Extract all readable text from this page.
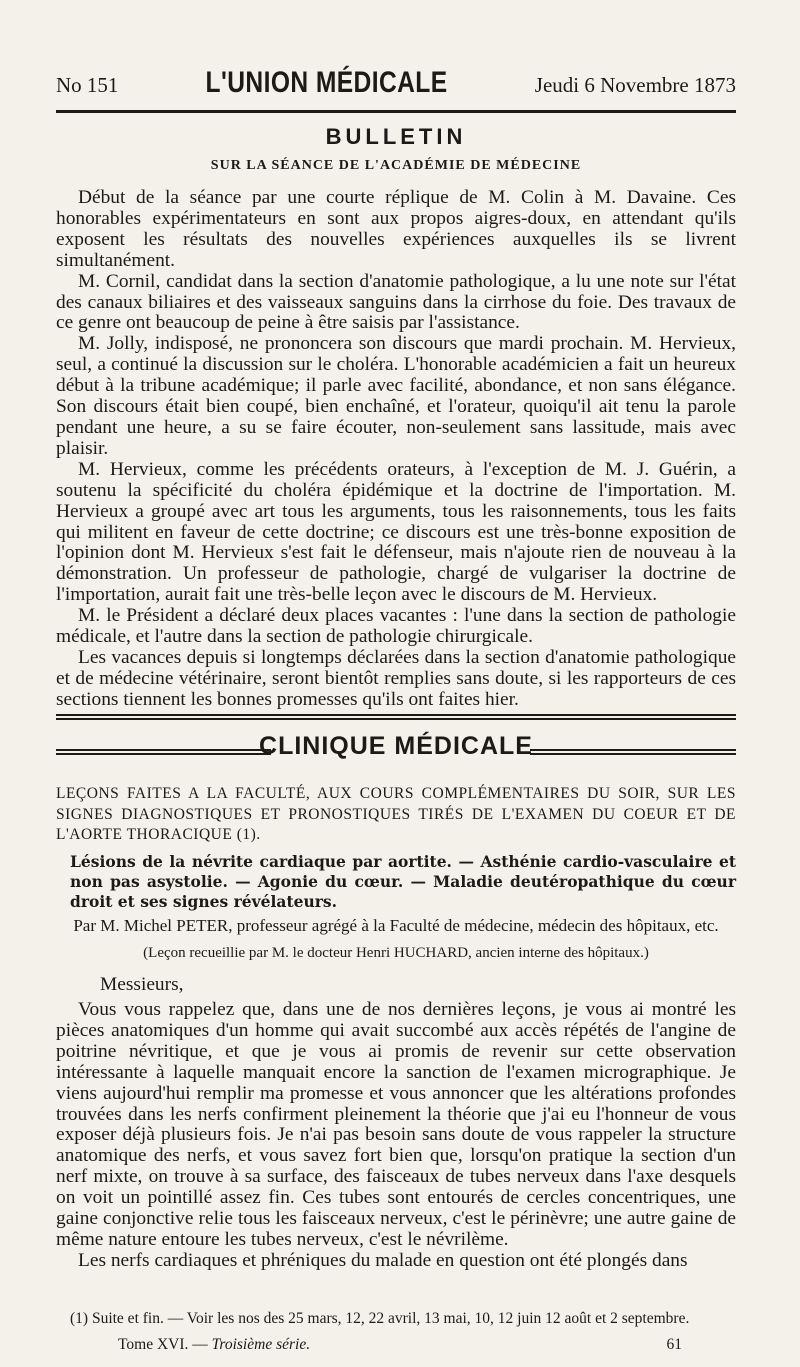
No 151	L'UNION MÉDICALE	Jeudi 6 Novembre 1873
BULLETIN
SUR LA SÉANCE DE L'ACADÉMIE DE MÉDECINE

Début de la séance par une courte réplique de M. Colin à M. Davaine. Ces honorables expérimentateurs en sont aux propos aigres-doux, en attendant qu'ils exposent les résultats des nouvelles expériences auxquelles ils se livrent simultanément.

M. Cornil, candidat dans la section d'anatomie pathologique, a lu une note sur l'état des canaux biliaires et des vaisseaux sanguins dans la cirrhose du foie. Des travaux de ce genre ont beaucoup de peine à être saisis par l'assistance.

M. Jolly, indisposé, ne prononcera son discours que mardi prochain. M. Hervieux, seul, a continué la discussion sur le choléra. L'honorable académicien a fait un heureux début à la tribune académique; il parle avec facilité, abondance, et non sans élégance. Son discours était bien coupé, bien enchaîné, et l'orateur, quoiqu'il ait tenu la parole pendant une heure, a su se faire écouter, non-seulement sans lassitude, mais avec plaisir.

M. Hervieux, comme les précédents orateurs, à l'exception de M. J. Guérin, a soutenu la spécificité du choléra épidémique et la doctrine de l'importation. M. Hervieux a groupé avec art tous les arguments, tous les raisonnements, tous les faits qui militent en faveur de cette doctrine; ce discours est une très-bonne exposition de l'opinion dont M. Hervieux s'est fait le défenseur, mais n'ajoute rien de nouveau à la démonstration. Un professeur de pathologie, chargé de vulgariser la doctrine de l'importation, aurait fait une très-belle leçon avec le discours de M. Hervieux.

M. le Président a déclaré deux places vacantes : l'une dans la section de pathologie médicale, et l'autre dans la section de pathologie chirurgicale.

Les vacances depuis si longtemps déclarées dans la section d'anatomie pathologique et de médecine vétérinaire, seront bientôt remplies sans doute, si les rapporteurs de ces sections tiennent les bonnes promesses qu'ils ont faites hier.

CLINIQUE MÉDICALE
LEÇONS FAITES A LA FACULTÉ, AUX COURS COMPLÉMENTAIRES DU SOIR, SUR LES SIGNES DIAGNOSTIQUES ET PRONOSTIQUES TIRÉS DE L'EXAMEN DU COEUR ET DE L'AORTE THORACIQUE (1).
Lésions de la névrite cardiaque par aortite. — Asthénie cardio-vasculaire et non pas asystolie. — Agonie du cœur. — Maladie deutéropathique du cœur droit et ses signes révélateurs.
Par M. Michel PETER, professeur agrégé à la Faculté de médecine, médecin des hôpitaux, etc.
(Leçon recueillie par M. le docteur Henri HUCHARD, ancien interne des hôpitaux.)
Messieurs,

Vous vous rappelez que, dans une de nos dernières leçons, je vous ai montré les pièces anatomiques d'un homme qui avait succombé aux accès répétés de l'angine de poitrine névritique, et que je vous ai promis de revenir sur cette observation intéressante à laquelle manquait encore la sanction de l'examen micrographique. Je viens aujourd'hui remplir ma promesse et vous annoncer que les altérations profondes trouvées dans les nerfs confirment pleinement la théorie que j'ai eu l'honneur de vous exposer déjà plusieurs fois. Je n'ai pas besoin sans doute de vous rappeler la structure anatomique des nerfs, et vous savez fort bien que, lorsqu'on pratique la section d'un nerf mixte, on trouve à sa surface, des faisceaux de tubes nerveux dans l'axe desquels on voit un pointillé assez fin. Ces tubes sont entourés de cercles concentriques, une gaine conjonctive relie tous les faisceaux nerveux, c'est le périnèvre; une autre gaine de même nature entoure les tubes nerveux, c'est le névrilème.

Les nerfs cardiaques et phréniques du malade en question ont été plongés dans

(1) Suite et fin. — Voir les nos des 25 mars, 12, 22 avril, 13 mai, 10, 12 juin 12 août et 2 septembre.
Tome XVI. — Troisième série.	61
